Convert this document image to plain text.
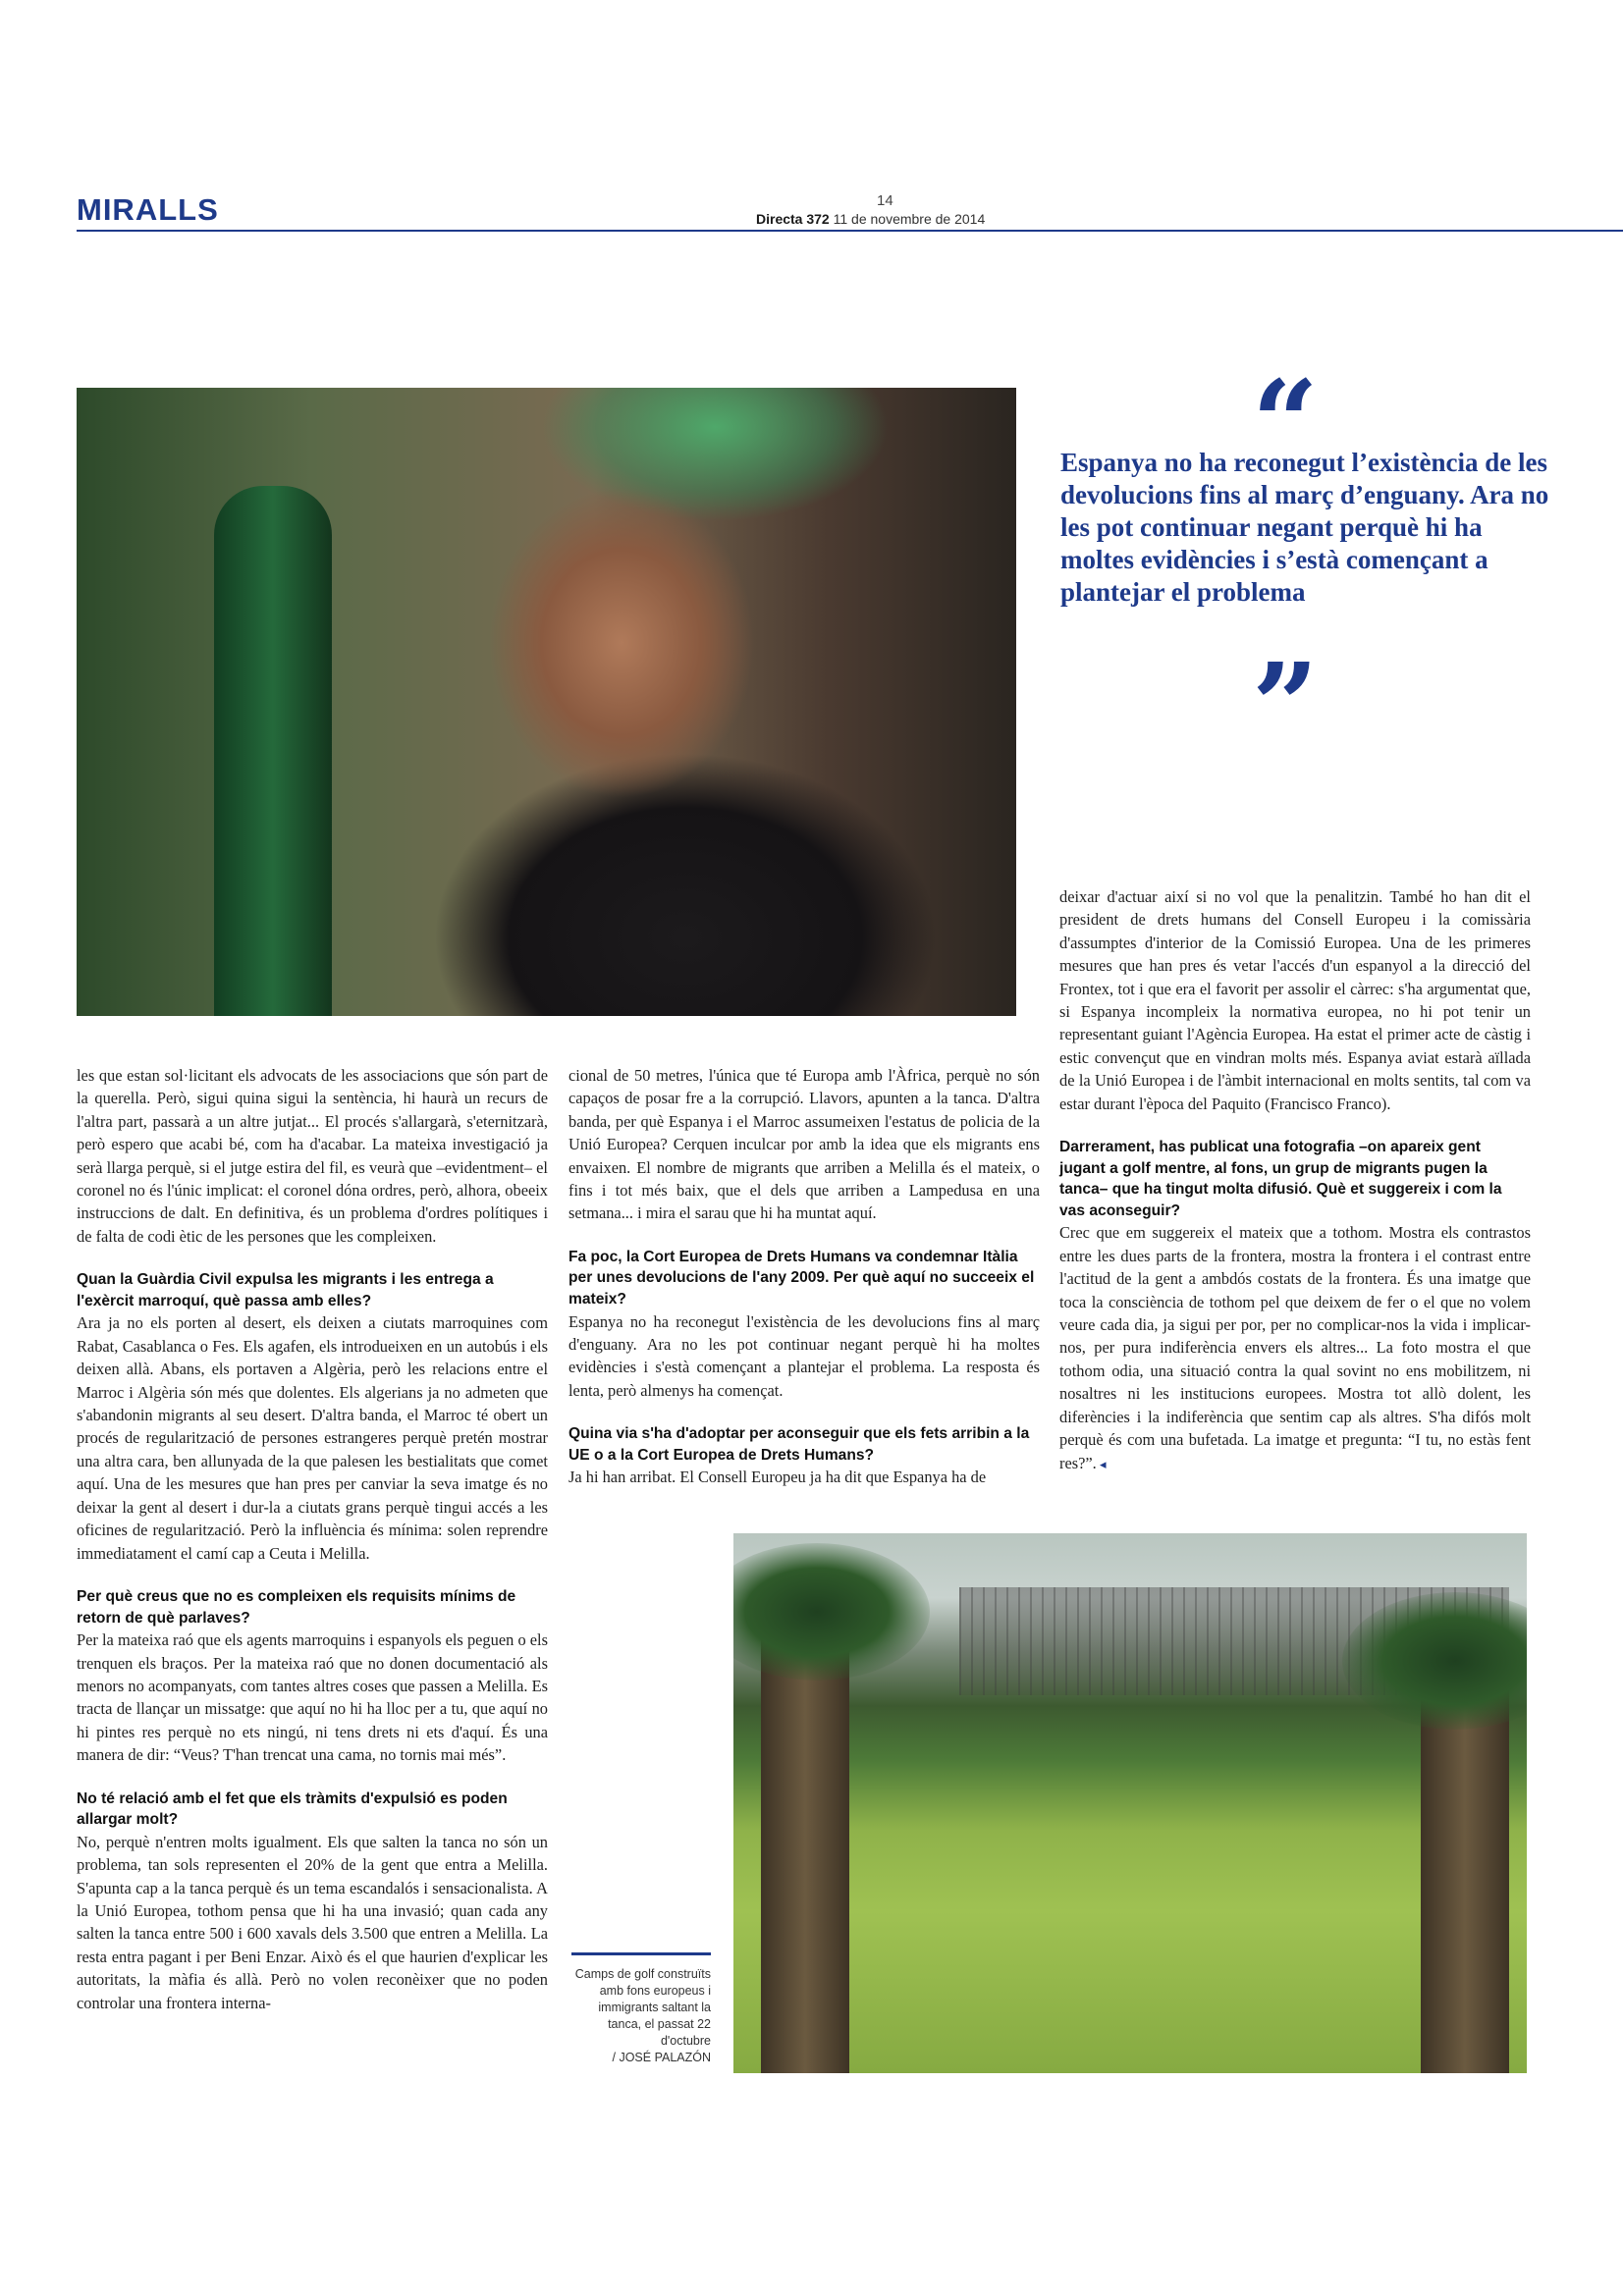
MIRALLS	14
Directa 372 11 de novembre de 2014
“
Espanya no ha reconegut l’existència de les devolucions fins al març d’enguany. Ara no les pot continuar negant perquè hi ha moltes evidències i s’està començant a plantejar el problema
”

les que estan sol·licitant els advocats de les associacions que són part de la querella. Però, sigui quina sigui la sentència, hi haurà un recurs de l'altra part, passarà a un altre jutjat... El procés s'allargarà, s'eternitzarà, però espero que acabi bé, com ha d'acabar. La mateixa investigació ja serà llarga perquè, si el jutge estira del fil, es veurà que –evidentment– el coronel no és l'únic implicat: el coronel dóna ordres, però, alhora, obeeix instruccions de dalt. En definitiva, és un problema d'ordres polítiques i de falta de codi ètic de les persones que les compleixen.

Quan la Guàrdia Civil expulsa les migrants i les entrega a l'exèrcit marroquí, què passa amb elles?

Ara ja no els porten al desert, els deixen a ciutats marroquines com Rabat, Casablanca o Fes. Els agafen, els introdueixen en un autobús i els deixen allà. Abans, els portaven a Algèria, però les relacions entre el Marroc i Algèria són més que dolentes. Els algerians ja no admeten que s'abandonin migrants al seu desert. D'altra banda, el Marroc té obert un procés de regularització de persones estrangeres perquè pretén mostrar una altra cara, ben allunyada de la que palesen les bestialitats que comet aquí. Una de les mesures que han pres per canviar la seva imatge és no deixar la gent al desert i dur-la a ciutats grans perquè tingui accés a les oficines de regularització. Però la influència és mínima: solen reprendre immediatament el camí cap a Ceuta i Melilla.

Per què creus que no es compleixen els requisits mínims de retorn de què parlaves?

Per la mateixa raó que els agents marroquins i espanyols els peguen o els trenquen els braços. Per la mateixa raó que no donen documentació als menors no acompanyats, com tantes altres coses que passen a Melilla. Es tracta de llançar un missatge: que aquí no hi ha lloc per a tu, que aquí no hi pintes res perquè no ets ningú, ni tens drets ni ets d'aquí. És una manera de dir: “Veus? T'han trencat una cama, no tornis mai més”.

No té relació amb el fet que els tràmits d'expulsió es poden allargar molt?

No, perquè n'entren molts igualment. Els que salten la tanca no són un problema, tan sols representen el 20% de la gent que entra a Melilla. S'apunta cap a la tanca perquè és un tema escandalós i sensacionalista. A la Unió Europea, tothom pensa que hi ha una invasió; quan cada any salten la tanca entre 500 i 600 xavals dels 3.500 que entren a Melilla. La resta entra pagant i per Beni Enzar. Això és el que haurien d'explicar les autoritats, la màfia és allà. Però no volen reconèixer que no poden controlar una frontera interna-

cional de 50 metres, l'única que té Europa amb l'Àfrica, perquè no són capaços de posar fre a la corrupció. Llavors, apunten a la tanca. D'altra banda, per què Espanya i el Marroc assumeixen l'estatus de policia de la Unió Europea? Cerquen inculcar por amb la idea que els migrants ens envaixen. El nombre de migrants que arriben a Melilla és el mateix, o fins i tot més baix, que el dels que arriben a Lampedusa en una setmana... i mira el sarau que hi ha muntat aquí.

Fa poc, la Cort Europea de Drets Humans va condemnar Itàlia per unes devolucions de l'any 2009. Per què aquí no succeeix el mateix?

Espanya no ha reconegut l'existència de les devolucions fins al març d'enguany. Ara no les pot continuar negant perquè hi ha moltes evidències i s'està començant a plantejar el problema. La resposta és lenta, però almenys ha començat.

Quina via s'ha d'adoptar per aconseguir que els fets arribin a la UE o a la Cort Europea de Drets Humans?

Ja hi han arribat. El Consell Europeu ja ha dit que Espanya ha de

deixar d'actuar així si no vol que la penalitzin. També ho han dit el president de drets humans del Consell Europeu i la comissària d'assumptes d'interior de la Comissió Europea. Una de les primeres mesures que han pres és vetar l'accés d'un espanyol a la direcció del Frontex, tot i que era el favorit per assolir el càrrec: s'ha argumentat que, si Espanya incompleix la normativa europea, no hi pot tenir un representant guiant l'Agència Europea. Ha estat el primer acte de càstig i estic convençut que en vindran molts més. Espanya aviat estarà aïllada de la Unió Europea i de l'àmbit internacional en molts sentits, tal com va estar durant l'època del Paquito (Francisco Franco).

Darrerament, has publicat una fotografia –on apareix gent jugant a golf mentre, al fons, un grup de migrants pugen la tanca– que ha tingut molta difusió. Què et suggereix i com la vas aconseguir?

Crec que em suggereix el mateix que a tothom. Mostra els contrastos entre les dues parts de la frontera, mostra la frontera i el contrast entre l'actitud de la gent a ambdós costats de la frontera. És una imatge que toca la consciència de tothom pel que deixem de fer o el que no volem veure cada dia, ja sigui per por, per no complicar-nos la vida i implicar-nos, per pura indiferència envers els altres... La foto mostra el que tothom odia, una situació contra la qual sovint no ens mobilitzem, ni nosaltres ni les institucions europees. Mostra tot allò dolent, les diferències i la indiferència que sentim cap als altres. S'ha difós molt perquè és com una bufetada. La imatge et pregunta: “I tu, no estàs fent res?”. ◂

Camps de golf construïts amb fons europeus i immigrants saltant la tanca, el passat 22 d'octubre
/ JOSÉ PALAZÓN
